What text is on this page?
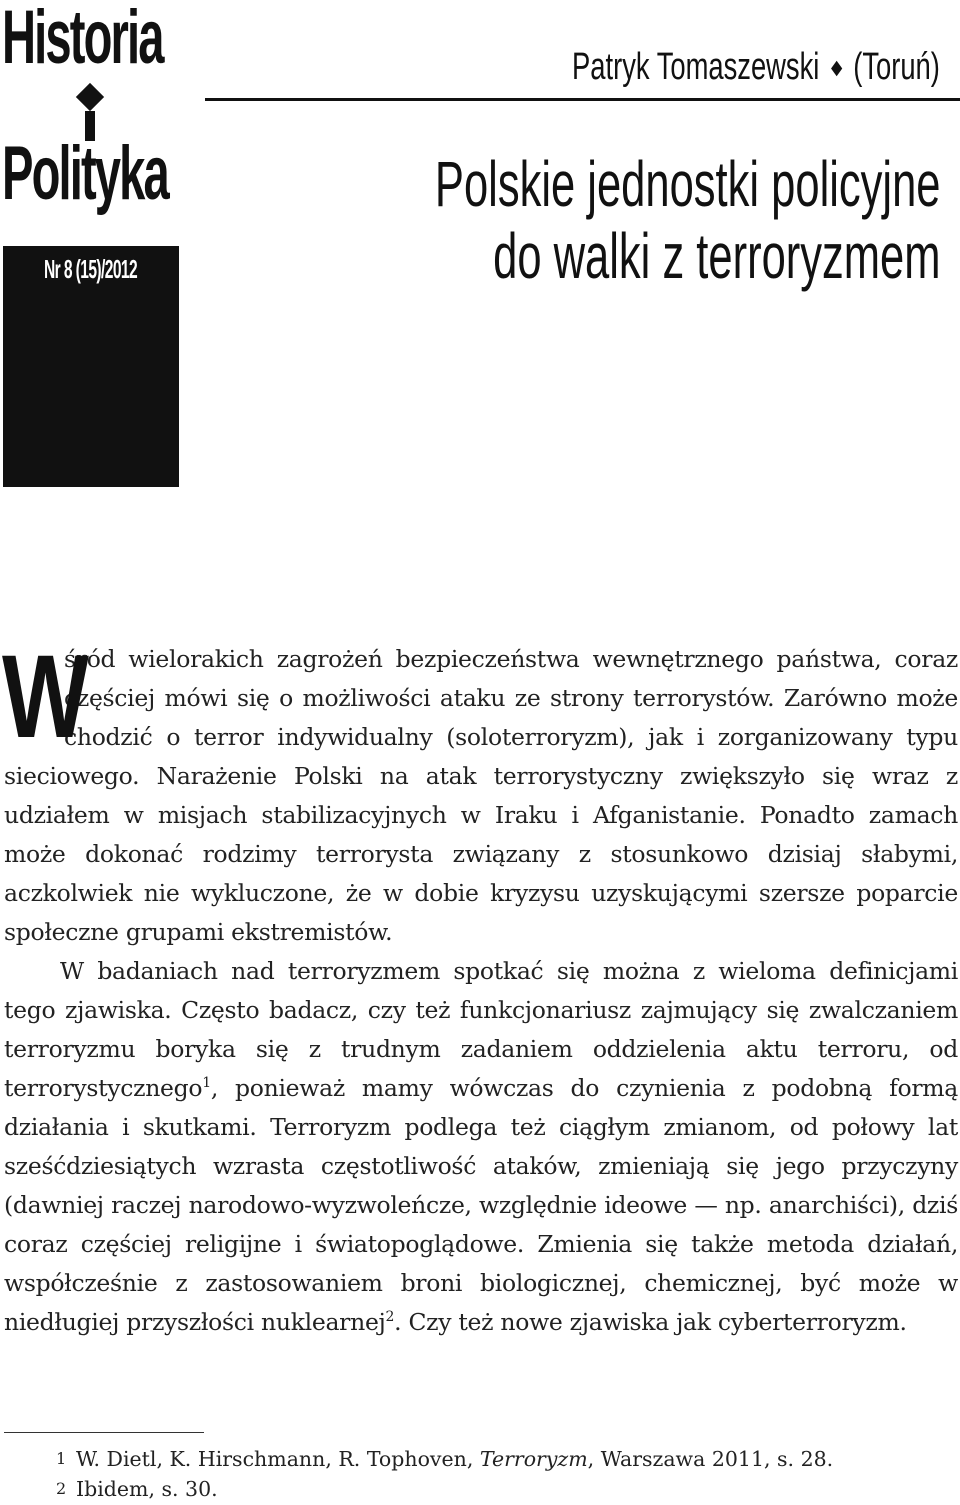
Historia
Polityka
Nr 8 (15)/2012
Patryk Tomaszewski (Toruń)
Polskie jednostki policyjne
do walki z terroryzmem

W
śród wielorakich zagrożeń bezpieczeństwa wewnętrznego państwa, coraz częściej mówi się o możliwości ataku ze strony terrorystów. Zarówno może chodzić o terror indywidualny (soloterroryzm), jak i zorganizowany typu sieciowego. Narażenie Polski na atak terrorystyczny zwiększyło się wraz z udziałem w misjach stabilizacyjnych w Iraku i Afganistanie. Ponadto zamach może dokonać rodzimy terrorysta związany z stosunkowo dzisiaj słabymi, aczkolwiek nie wykluczone, że w dobie kryzysu uzyskującymi szersze poparcie społeczne grupami ekstremistów.

W badaniach nad terroryzmem spotkać się można z wieloma definicjami tego zjawiska. Często badacz, czy też funkcjonariusz zajmujący się zwalczaniem terroryzmu boryka się z trudnym zadaniem oddzielenia aktu terroru, od terrorystycznego$^1$, ponieważ mamy wówczas do czynienia z podobną formą działania i skutkami. Terroryzm podlega też ciągłym zmianom, od połowy lat sześćdziesiątych wzrasta częstotliwość ataków, zmieniają się jego przyczyny (dawniej raczej narodowo-wyzwoleńcze, względnie ideowe — np. anarchiści), dziś coraz częściej religijne i światopoglądowe. Zmienia się także metoda działań, współcześnie z zastosowaniem broni biologicznej, chemicznej, być może w niedługiej przyszłości nuklearnej$^2$. Czy też nowe zjawiska jak cyberterroryzm.

1 W. Dietl, K. Hirschmann, R. Tophoven, Terroryzm, Warszawa 2011, s. 28.
2 Ibidem, s. 30.
